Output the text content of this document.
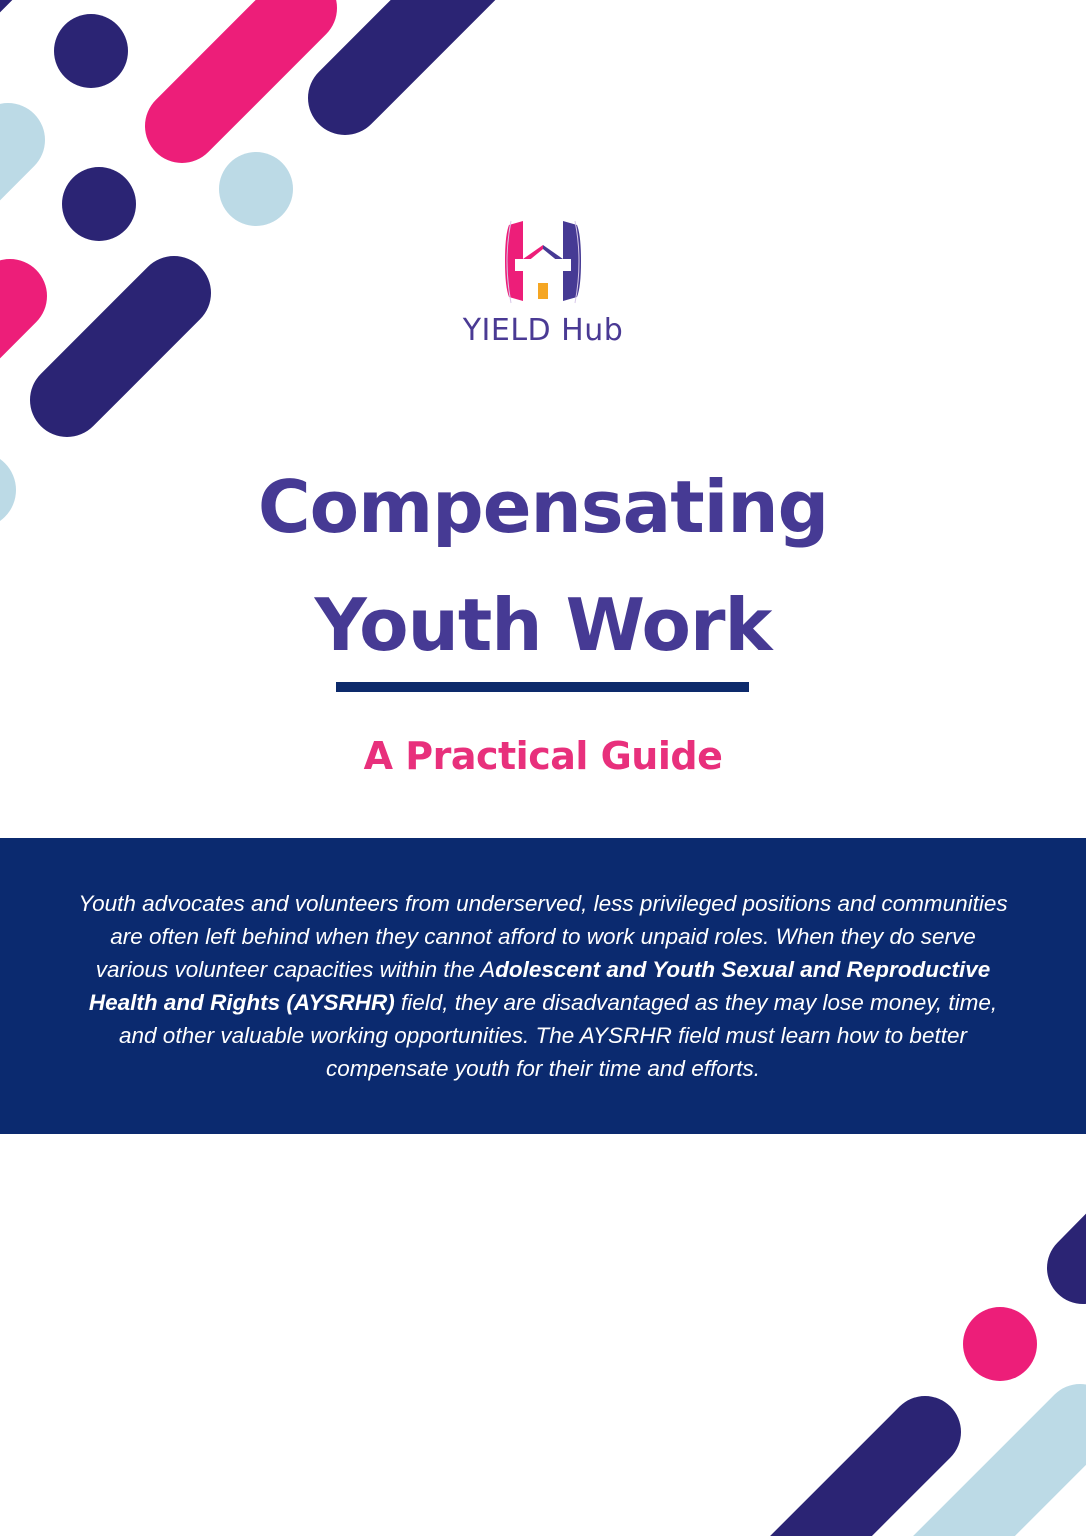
YIELD Hub
Compensating
Youth Work
A Practical Guide

Youth advocates and volunteers from underserved, less privileged positions and communities are often left behind when they cannot afford to work unpaid roles. When they do serve various volunteer capacities within the Adolescent and Youth Sexual and Reproductive Health and Rights (AYSRHR) field, they are disadvantaged as they may lose money, time, and other valuable working opportunities. The AYSRHR field must learn how to better compensate youth for their time and efforts.
